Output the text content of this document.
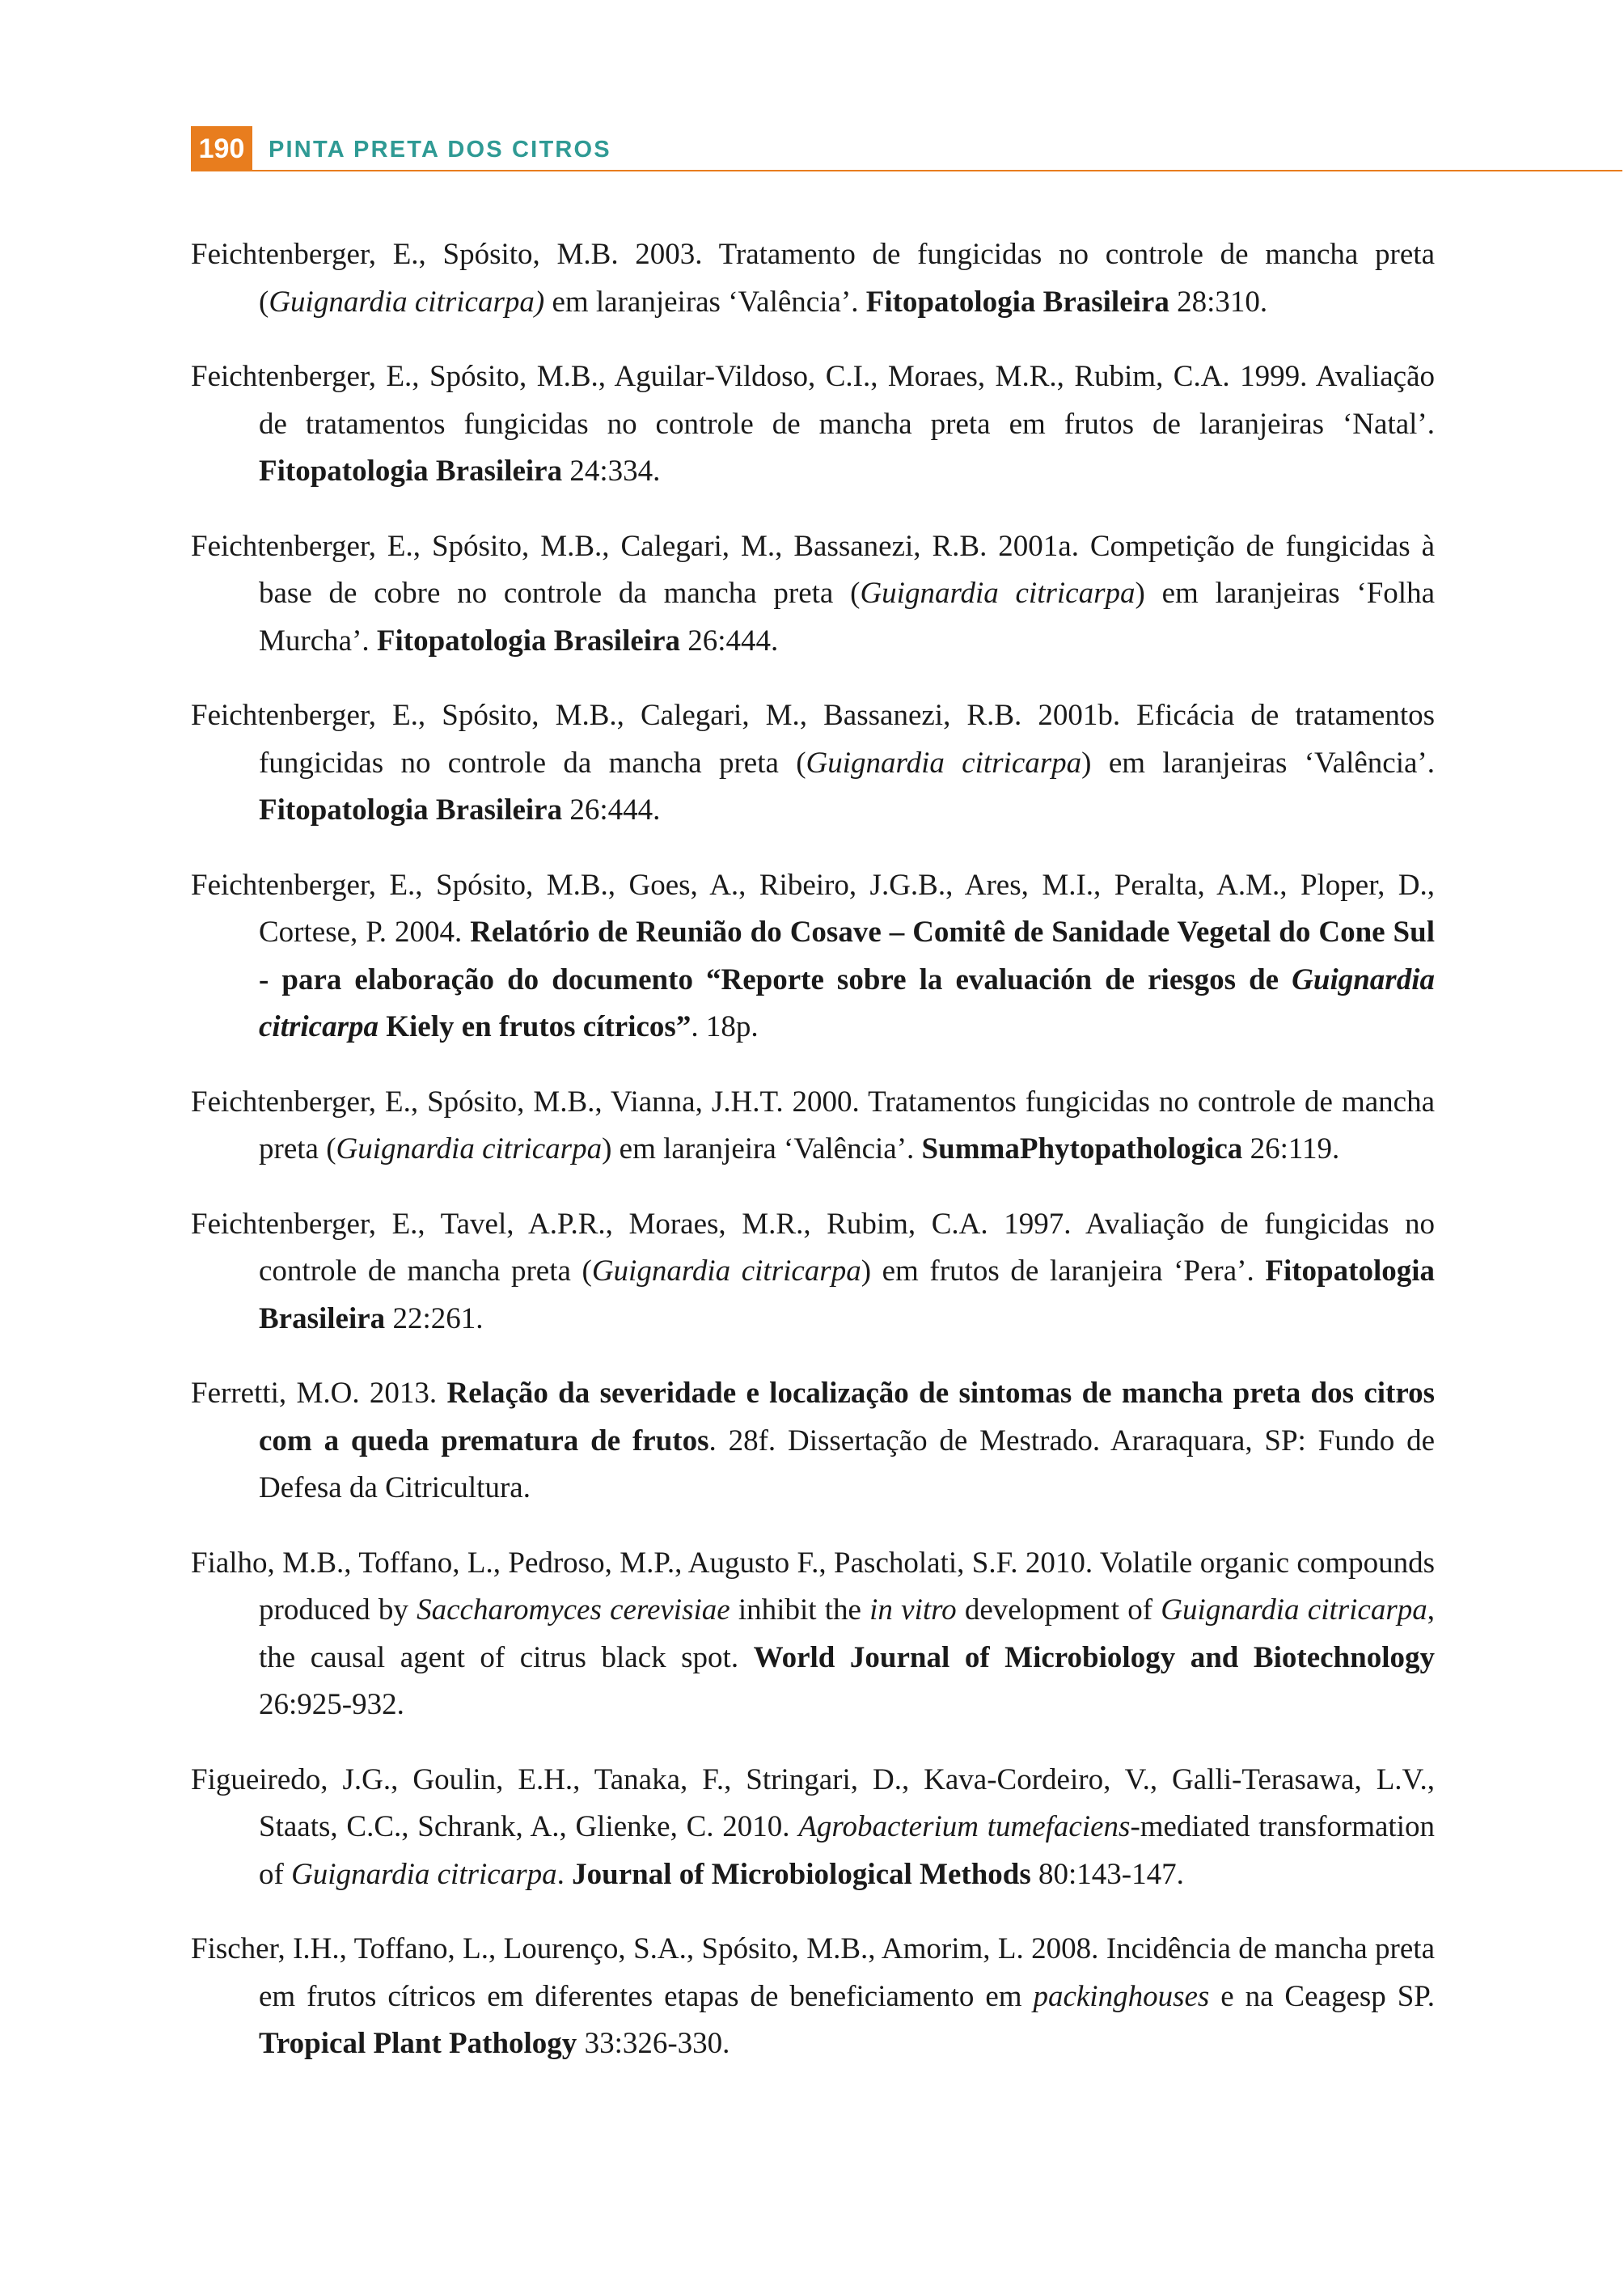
190	PINTA PRETA DOS CITROS

Feichtenberger, E., Spósito, M.B. 2003. Tratamento de fungicidas no controle de mancha preta (Guignardia citricarpa) em laranjeiras ‘Valência’. Fitopatologia Brasileira 28:310.

Feichtenberger, E., Spósito, M.B., Aguilar-Vildoso, C.I., Moraes, M.R., Rubim, C.A. 1999. Avaliação de tratamentos fungicidas no controle de mancha preta em frutos de laranjeiras ‘Natal’. Fitopatologia Brasileira 24:334.

Feichtenberger, E., Spósito, M.B., Calegari, M., Bassanezi, R.B. 2001a. Competição de fungicidas à base de cobre no controle da mancha preta (Guignardia citricarpa) em laranjeiras ‘Folha Murcha’. Fitopatologia Brasileira 26:444.

Feichtenberger, E., Spósito, M.B., Calegari, M., Bassanezi, R.B. 2001b. Eficácia de tratamentos fungicidas no controle da mancha preta (Guignardia citricarpa) em laranjeiras ‘Valência’. Fitopatologia Brasileira 26:444.

Feichtenberger, E., Spósito, M.B., Goes, A., Ribeiro, J.G.B., Ares, M.I., Peralta, A.M., Ploper, D., Cortese, P. 2004. Relatório de Reunião do Cosave – Comitê de Sanidade Vegetal do Cone Sul - para elaboração do documento “Reporte sobre la evaluación de riesgos de Guignardia citricarpa Kiely en frutos cítricos”. 18p.

Feichtenberger, E., Spósito, M.B., Vianna, J.H.T. 2000. Tratamentos fungicidas no controle de mancha preta (Guignardia citricarpa) em laranjeira ‘Valência’. SummaPhytopathologica 26:119.

Feichtenberger, E., Tavel, A.P.R., Moraes, M.R., Rubim, C.A. 1997. Avaliação de fungicidas no controle de mancha preta (Guignardia citricarpa) em frutos de laranjeira ‘Pera’. Fitopatologia Brasileira 22:261.

Ferretti, M.O. 2013. Relação da severidade e localização de sintomas de mancha preta dos citros com a queda prematura de frutos. 28f. Dissertação de Mestrado. Araraquara, SP: Fundo de Defesa da Citricultura.

Fialho, M.B., Toffano, L., Pedroso, M.P., Augusto F., Pascholati, S.F. 2010. Volatile organic compounds produced by Saccharomyces cerevisiae inhibit the in vitro development of Guignardia citricarpa, the causal agent of citrus black spot. World Journal of Microbiology and Biotechnology 26:925-932.

Figueiredo, J.G., Goulin, E.H., Tanaka, F., Stringari, D., Kava-Cordeiro, V., Galli-Terasawa, L.V., Staats, C.C., Schrank, A., Glienke, C. 2010. Agrobacterium tumefaciens-mediated transformation of Guignardia citricarpa. Journal of Microbiological Methods 80:143-147.

Fischer, I.H., Toffano, L., Lourenço, S.A., Spósito, M.B., Amorim, L. 2008. Incidência de mancha preta em frutos cítricos em diferentes etapas de beneficiamento em packinghouses e na Ceagesp SP. Tropical Plant Pathology 33:326-330.
